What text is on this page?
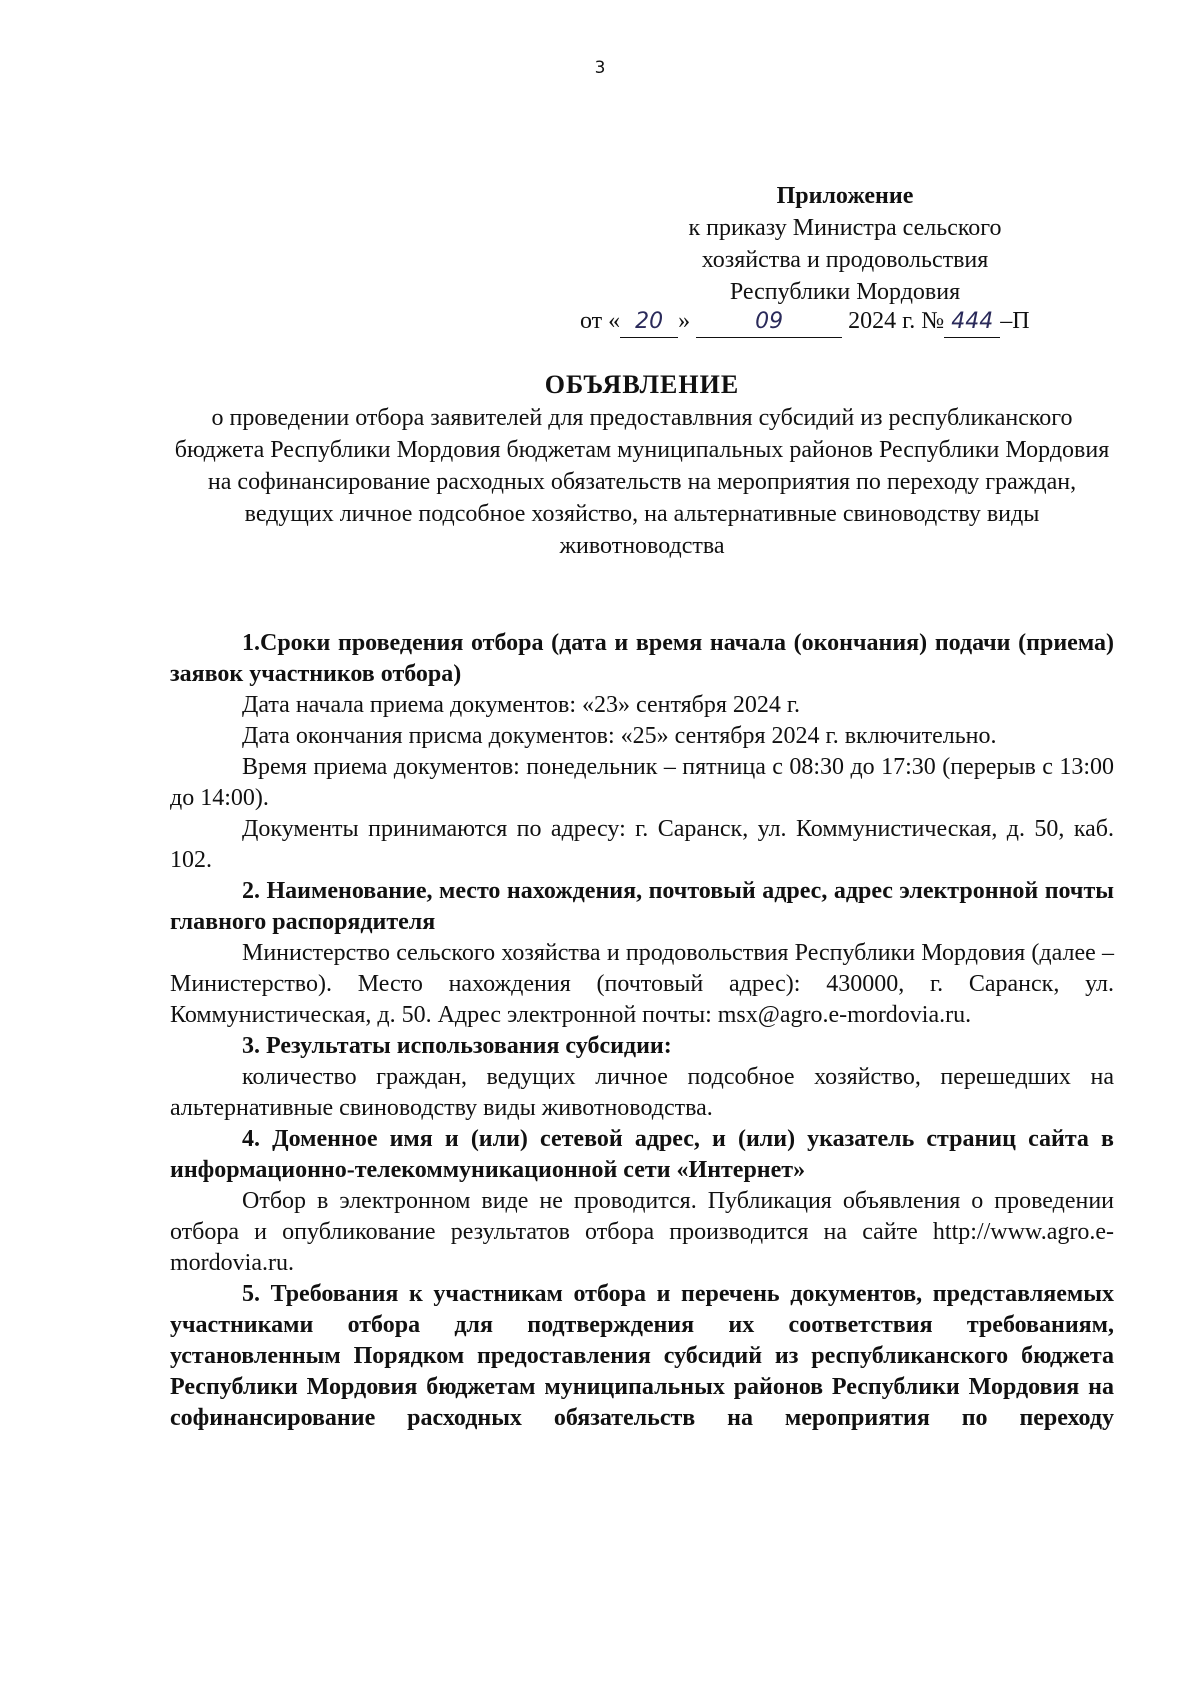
3
Приложение
к приказу Министра сельского
хозяйства и продовольствия
Республики Мордовия
от « 20 »	09	2024 г. № 444 –П
ОБЪЯВЛЕНИЕ
о проведении отбора заявителей для предоставлвния субсидий из республиканского бюджета Республики Мордовия бюджетам муниципальных районов Республики Мордовия на софинансирование расходных обязательств на мероприятия по переходу граждан, ведущих личное подсобное хозяйство, на альтернативные свиноводству виды животноводства

1.Сроки проведения отбора (дата и время начала (окончания) подачи (приема) заявок участников отбора)

Дата начала приема документов: «23» сентября 2024 г.

Дата окончания присма документов: «25» сентября 2024 г. включительно.

Время приема документов: понедельник – пятница с 08:30 до 17:30 (перерыв с 13:00 до 14:00).

Документы принимаются по адресу: г. Саранск, ул. Коммунистическая, д. 50, каб. 102.

2. Наименование, место нахождения, почтовый адрес, адрес электронной почты главного распорядителя

Министерство сельского хозяйства и продовольствия Республики Мордовия (далее – Министерство). Место нахождения (почтовый адрес): 430000, г. Саранск, ул. Коммунистическая, д. 50. Адрес электронной почты: msx@agro.e-mordovia.ru.

3. Результаты использования субсидии:

количество граждан, ведущих личное подсобное хозяйство, перешедших на альтернативные свиноводству виды животноводства.

4. Доменное имя и (или) сетевой адрес, и (или) указатель страниц сайта в информационно-телекоммуникационной сети «Интернет»

Отбор в электронном виде не проводится. Публикация объявления о проведении отбора и опубликование результатов отбора производится на сайте http://www.agro.e-mordovia.ru.

5. Требования к участникам отбора и перечень документов, представляемых участниками отбора для подтверждения их соответствия требованиям, установленным Порядком предоставления субсидий из республиканского бюджета Республики Мордовия бюджетам муниципальных районов Республики Мордовия на софинансирование расходных обязательств на мероприятия по переходу
